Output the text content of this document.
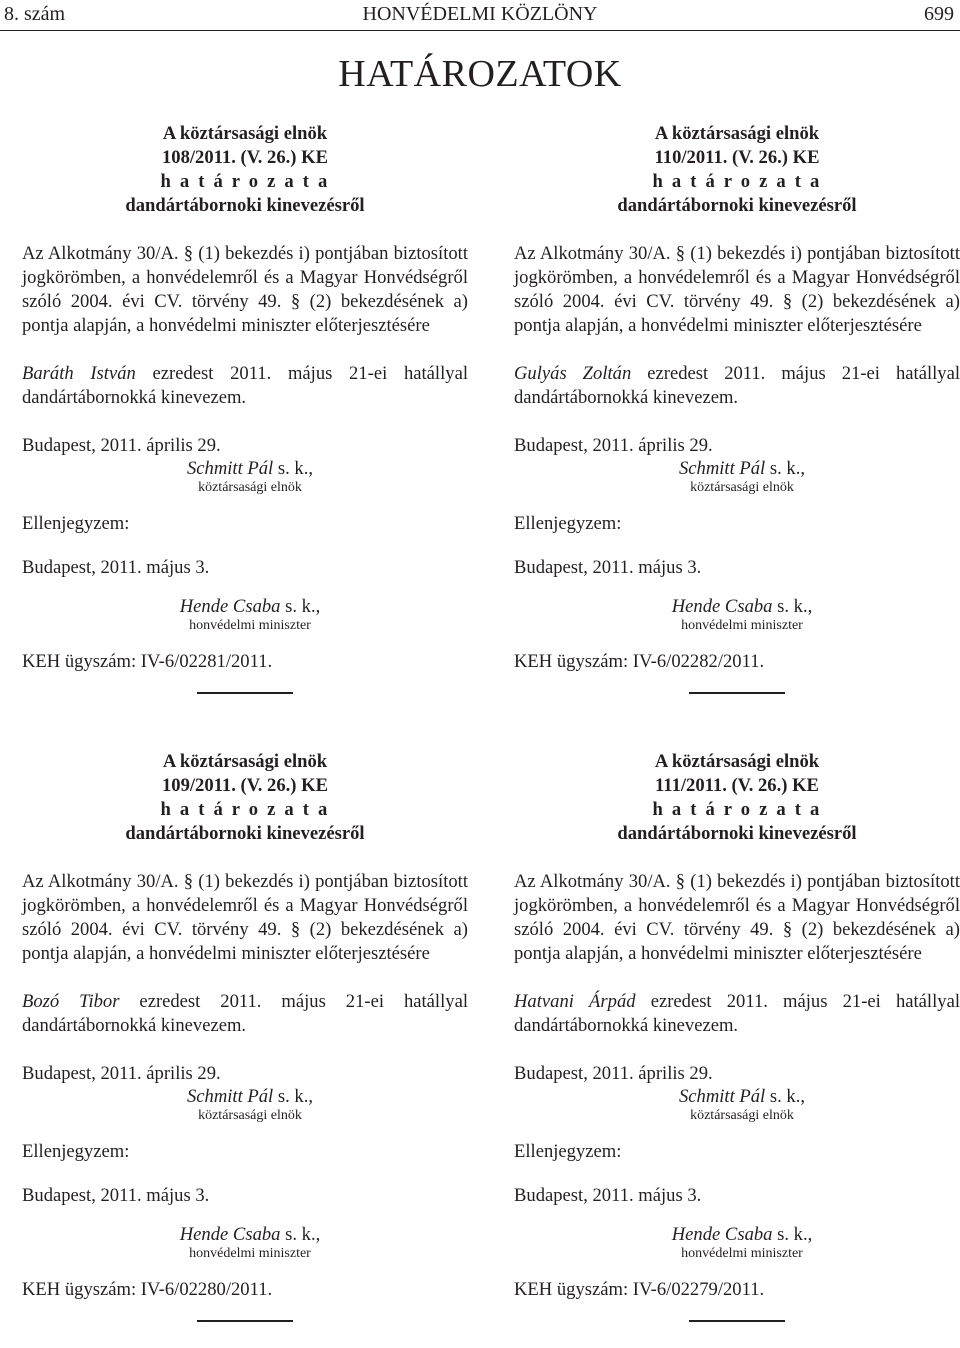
8. szám	HONVÉDELMI KÖZLÖNY	699
HATÁROZATOK
A köztársasági elnök
108/2011. (V. 26.) KE
h a t á r o z a t a
dandártábornoki kinevezésről
Az Alkotmány 30/A. § (1) bekezdés i) pontjában biztosított jogkörömben, a honvédelemről és a Magyar Honvédségről szóló 2004. évi CV. törvény 49. § (2) bekezdésének a) pontja alapján, a honvédelmi miniszter előterjesztésére
Baráth István ezredest 2011. május 21-ei hatállyal dandártábornokká kinevezem.
Budapest, 2011. április 29.
Schmitt Pál s. k.,
köztársasági elnök
Ellenjegyzem:
Budapest, 2011. május 3.
Hende Csaba s. k.,
honvédelmi miniszter
KEH ügyszám: IV-6/02281/2011.
A köztársasági elnök
110/2011. (V. 26.) KE
h a t á r o z a t a
dandártábornoki kinevezésről
Az Alkotmány 30/A. § (1) bekezdés i) pontjában biztosított jogkörömben, a honvédelemről és a Magyar Honvédségről szóló 2004. évi CV. törvény 49. § (2) bekezdésének a) pontja alapján, a honvédelmi miniszter előterjesztésére
Gulyás Zoltán ezredest 2011. május 21-ei hatállyal dandártábornokká kinevezem.
Budapest, 2011. április 29.
Schmitt Pál s. k.,
köztársasági elnök
Ellenjegyzem:
Budapest, 2011. május 3.
Hende Csaba s. k.,
honvédelmi miniszter
KEH ügyszám: IV-6/02282/2011.
A köztársasági elnök
109/2011. (V. 26.) KE
h a t á r o z a t a
dandártábornoki kinevezésről
Az Alkotmány 30/A. § (1) bekezdés i) pontjában biztosított jogkörömben, a honvédelemről és a Magyar Honvédségről szóló 2004. évi CV. törvény 49. § (2) bekezdésének a) pontja alapján, a honvédelmi miniszter előterjesztésére
Bozó Tibor ezredest 2011. május 21-ei hatállyal dandártábornokká kinevezem.
Budapest, 2011. április 29.
Schmitt Pál s. k.,
köztársasági elnök
Ellenjegyzem:
Budapest, 2011. május 3.
Hende Csaba s. k.,
honvédelmi miniszter
KEH ügyszám: IV-6/02280/2011.
A köztársasági elnök
111/2011. (V. 26.) KE
h a t á r o z a t a
dandártábornoki kinevezésről
Az Alkotmány 30/A. § (1) bekezdés i) pontjában biztosított jogkörömben, a honvédelemről és a Magyar Honvédségről szóló 2004. évi CV. törvény 49. § (2) bekezdésének a) pontja alapján, a honvédelmi miniszter előterjesztésére
Hatvani Árpád ezredest 2011. május 21-ei hatállyal dandártábornokká kinevezem.
Budapest, 2011. április 29.
Schmitt Pál s. k.,
köztársasági elnök
Ellenjegyzem:
Budapest, 2011. május 3.
Hende Csaba s. k.,
honvédelmi miniszter
KEH ügyszám: IV-6/02279/2011.
